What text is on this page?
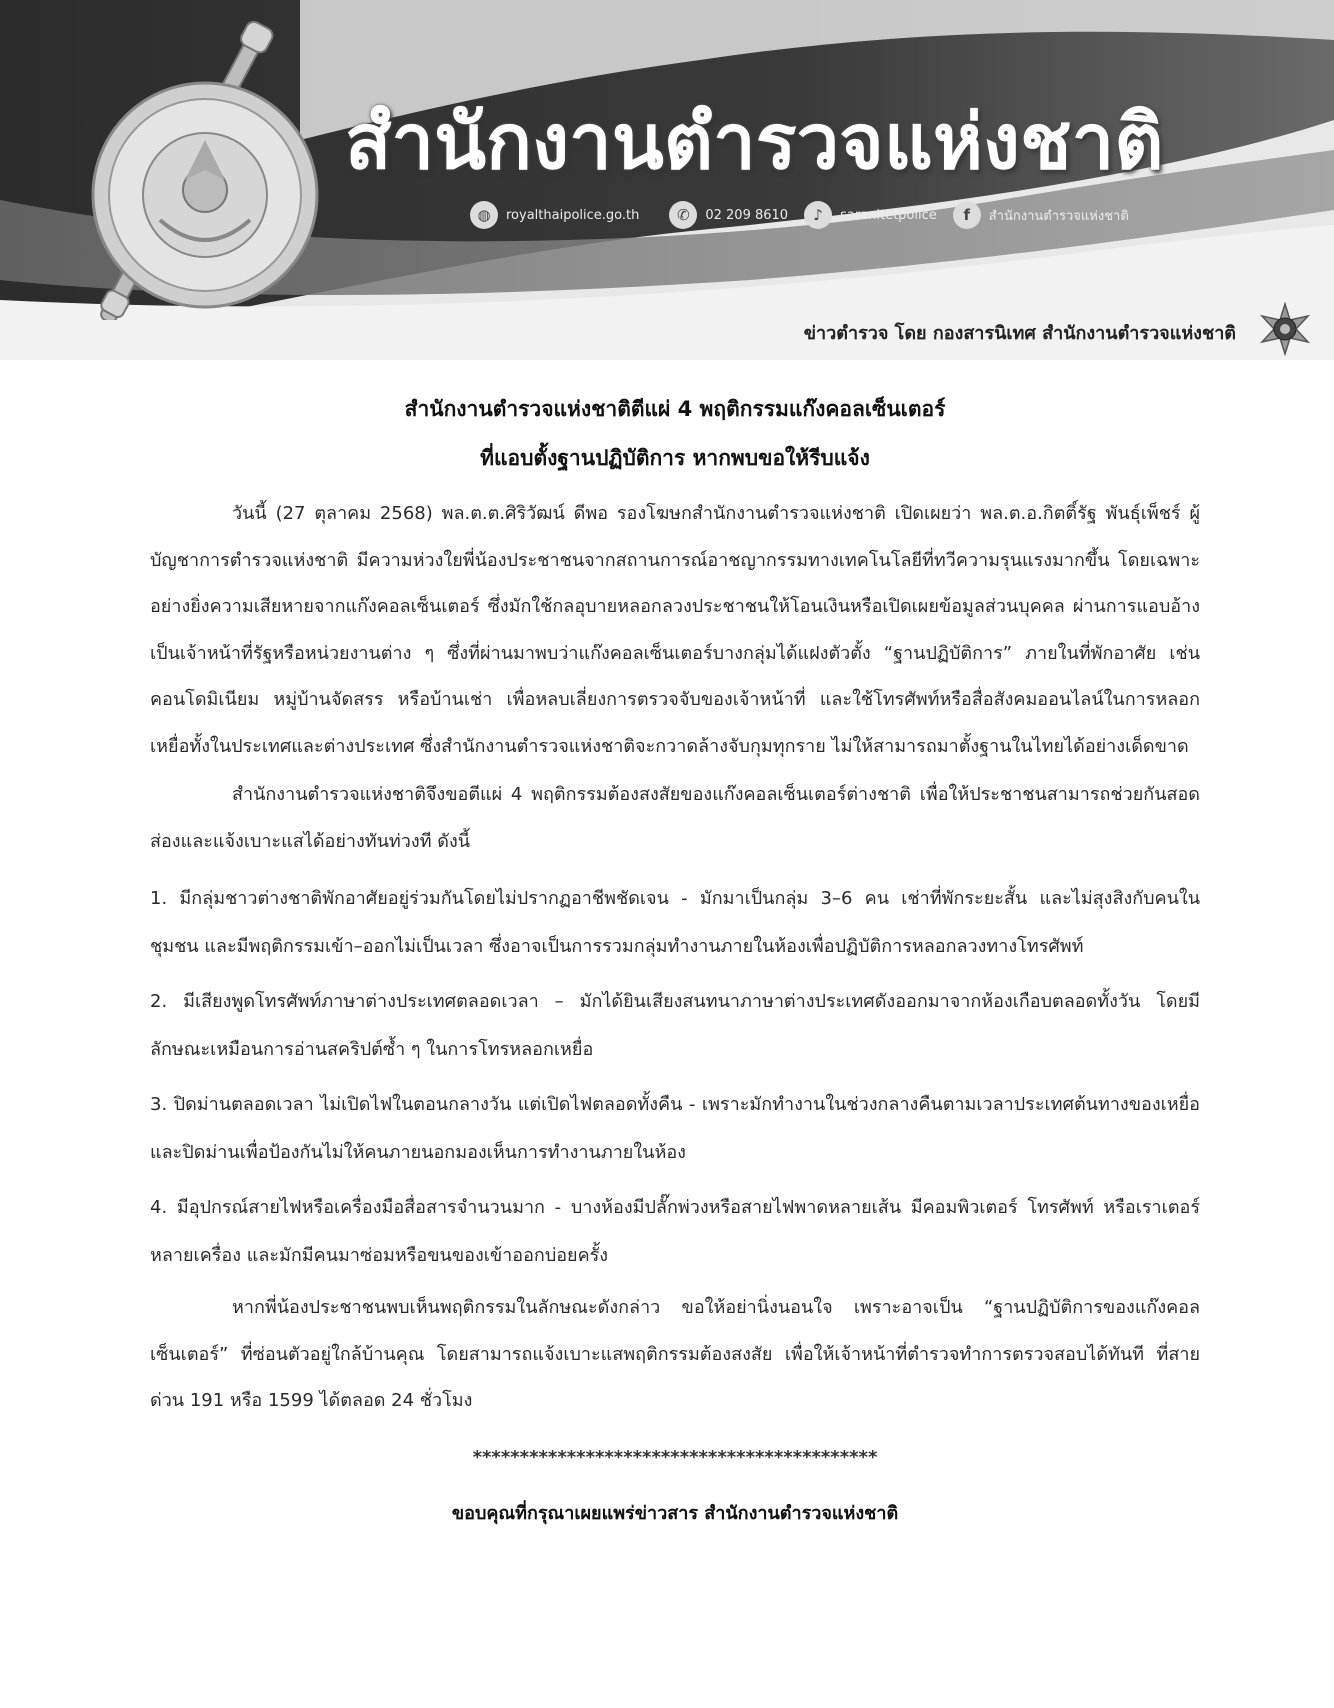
สำนักงานตำรวจแห่งชาติ
◍	royalthaipolice.go.th	✆	02 209 8610	♪	saranitetpolice	f	สำนักงานตำรวจแห่งชาติ
ข่าวตำรวจ โดย กองสารนิเทศ สำนักงานตำรวจแห่งชาติ
สำนักงานตำรวจแห่งชาติตีแผ่ 4 พฤติกรรมแก๊งคอลเซ็นเตอร์
ที่แอบตั้งฐานปฏิบัติการ หากพบขอให้รีบแจ้ง

วันนี้ (27 ตุลาคม 2568) พล.ต.ต.ศิริวัฒน์ ดีพอ รองโฆษกสำนักงานตำรวจแห่งชาติ เปิดเผยว่า พล.ต.อ.กิตติ์รัฐ พันธุ์เพ็ชร์ ผู้บัญชาการตำรวจแห่งชาติ มีความห่วงใยพี่น้องประชาชนจากสถานการณ์อาชญากรรมทางเทคโนโลยีที่ทวีความรุนแรงมากขึ้น โดยเฉพาะอย่างยิ่งความเสียหายจากแก๊งคอลเซ็นเตอร์ ซึ่งมักใช้กลอุบายหลอกลวงประชาชนให้โอนเงินหรือเปิดเผยข้อมูลส่วนบุคคล ผ่านการแอบอ้างเป็นเจ้าหน้าที่รัฐหรือหน่วยงานต่าง ๆ ซึ่งที่ผ่านมาพบว่าแก๊งคอลเซ็นเตอร์บางกลุ่มได้แฝงตัวตั้ง “ฐานปฏิบัติการ” ภายในที่พักอาศัย เช่น คอนโดมิเนียม หมู่บ้านจัดสรร หรือบ้านเช่า เพื่อหลบเลี่ยงการตรวจจับของเจ้าหน้าที่ และใช้โทรศัพท์หรือสื่อสังคมออนไลน์ในการหลอกเหยื่อทั้งในประเทศและต่างประเทศ ซึ่งสำนักงานตำรวจแห่งชาติจะกวาดล้างจับกุมทุกราย ไม่ให้สามารถมาตั้งฐานในไทยได้อย่างเด็ดขาด

สำนักงานตำรวจแห่งชาติจึงขอตีแผ่ 4 พฤติกรรมต้องสงสัยของแก๊งคอลเซ็นเตอร์ต่างชาติ เพื่อให้ประชาชนสามารถช่วยกันสอดส่องและแจ้งเบาะแสได้อย่างทันท่วงที ดังนี้

1. มีกลุ่มชาวต่างชาติพักอาศัยอยู่ร่วมกันโดยไม่ปรากฏอาชีพชัดเจน - มักมาเป็นกลุ่ม 3–6 คน เช่าที่พักระยะสั้น และไม่สุงสิงกับคนในชุมชน และมีพฤติกรรมเข้า–ออกไม่เป็นเวลา ซึ่งอาจเป็นการรวมกลุ่มทำงานภายในห้องเพื่อปฏิบัติการหลอกลวงทางโทรศัพท์

2. มีเสียงพูดโทรศัพท์ภาษาต่างประเทศตลอดเวลา – มักได้ยินเสียงสนทนาภาษาต่างประเทศดังออกมาจากห้องเกือบตลอดทั้งวัน โดยมีลักษณะเหมือนการอ่านสคริปต์ซ้ำ ๆ ในการโทรหลอกเหยื่อ

3. ปิดม่านตลอดเวลา ไม่เปิดไฟในตอนกลางวัน แต่เปิดไฟตลอดทั้งคืน - เพราะมักทำงานในช่วงกลางคืนตามเวลาประเทศต้นทางของเหยื่อ และปิดม่านเพื่อป้องกันไม่ให้คนภายนอกมองเห็นการทำงานภายในห้อง

4. มีอุปกรณ์สายไฟหรือเครื่องมือสื่อสารจำนวนมาก - บางห้องมีปลั๊กพ่วงหรือสายไฟพาดหลายเส้น มีคอมพิวเตอร์ โทรศัพท์ หรือเราเตอร์หลายเครื่อง และมักมีคนมาซ่อมหรือขนของเข้าออกบ่อยครั้ง

หากพี่น้องประชาชนพบเห็นพฤติกรรมในลักษณะดังกล่าว ขอให้อย่านิ่งนอนใจ เพราะอาจเป็น “ฐานปฏิบัติการของแก๊งคอลเซ็นเตอร์” ที่ซ่อนตัวอยู่ใกล้บ้านคุณ โดยสามารถแจ้งเบาะแสพฤติกรรมต้องสงสัย เพื่อให้เจ้าหน้าที่ตำรวจทำการตรวจสอบได้ทันที ที่สายด่วน 191 หรือ 1599 ได้ตลอด 24 ชั่วโมง

*******************************************
ขอบคุณที่กรุณาเผยแพร่ข่าวสาร สำนักงานตำรวจแห่งชาติ
